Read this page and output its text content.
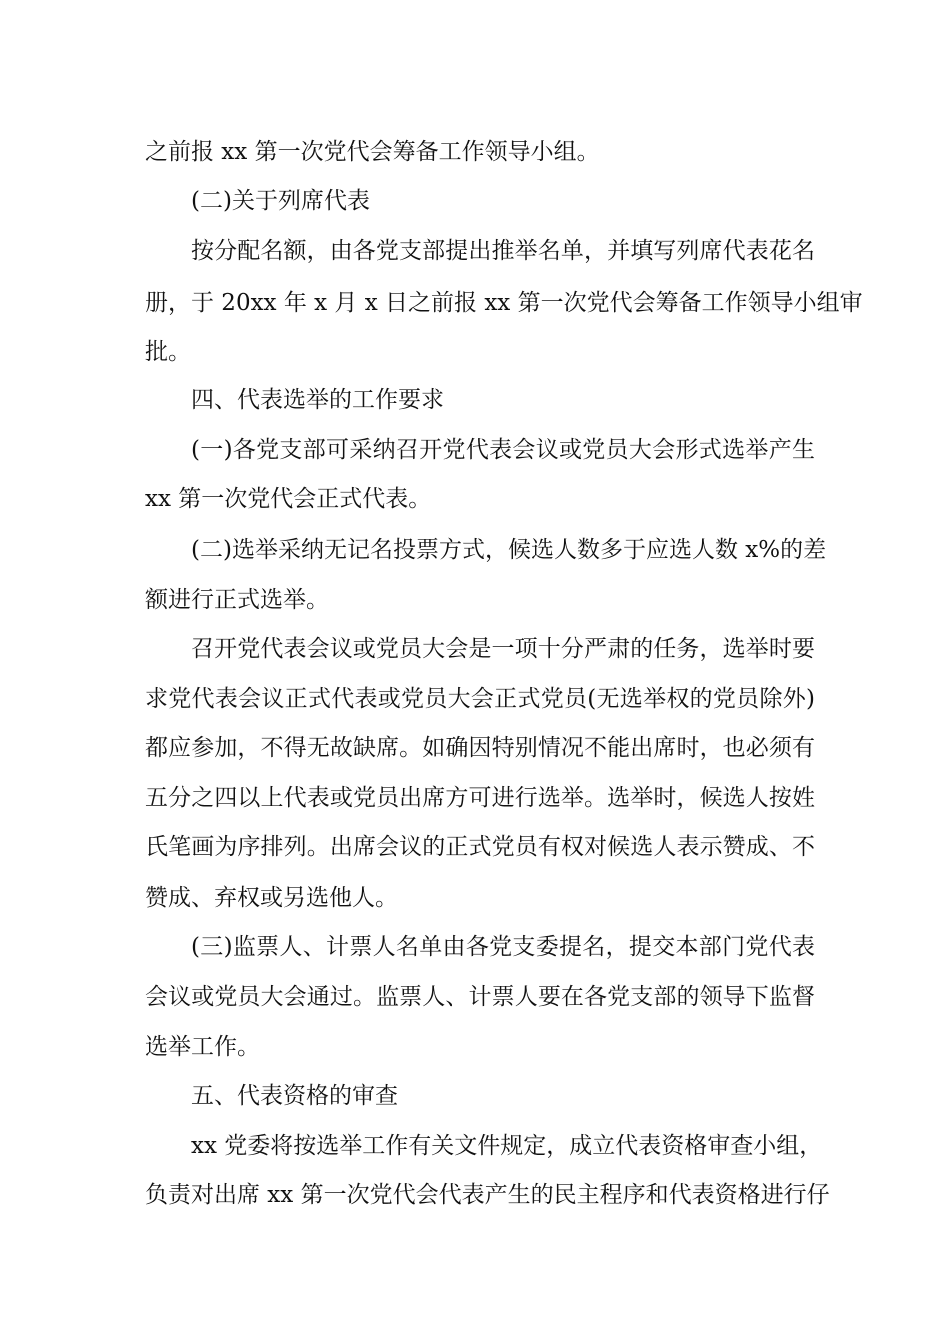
之前报 xx 第一次党代会筹备工作领导小组。
(二)关于列席代表
按分配名额，由各党支部提出推举名单，并填写列席代表花名
册，于 20xx 年 x 月 x 日之前报 xx 第一次党代会筹备工作领导小组审
批。
四、代表选举的工作要求
(一)各党支部可采纳召开党代表会议或党员大会形式选举产生
xx 第一次党代会正式代表。
(二)选举采纳无记名投票方式，候选人数多于应选人数 x%的差
额进行正式选举。
召开党代表会议或党员大会是一项十分严肃的任务，选举时要
求党代表会议正式代表或党员大会正式党员(无选举权的党员除外)
都应参加，不得无故缺席。如确因特别情况不能出席时，也必须有
五分之四以上代表或党员出席方可进行选举。选举时，候选人按姓
氏笔画为序排列。出席会议的正式党员有权对候选人表示赞成、不
赞成、弃权或另选他人。
(三)监票人、计票人名单由各党支委提名，提交本部门党代表
会议或党员大会通过。监票人、计票人要在各党支部的领导下监督
选举工作。
五、代表资格的审查
xx 党委将按选举工作有关文件规定，成立代表资格审查小组，
负责对出席 xx 第一次党代会代表产生的民主程序和代表资格进行仔
